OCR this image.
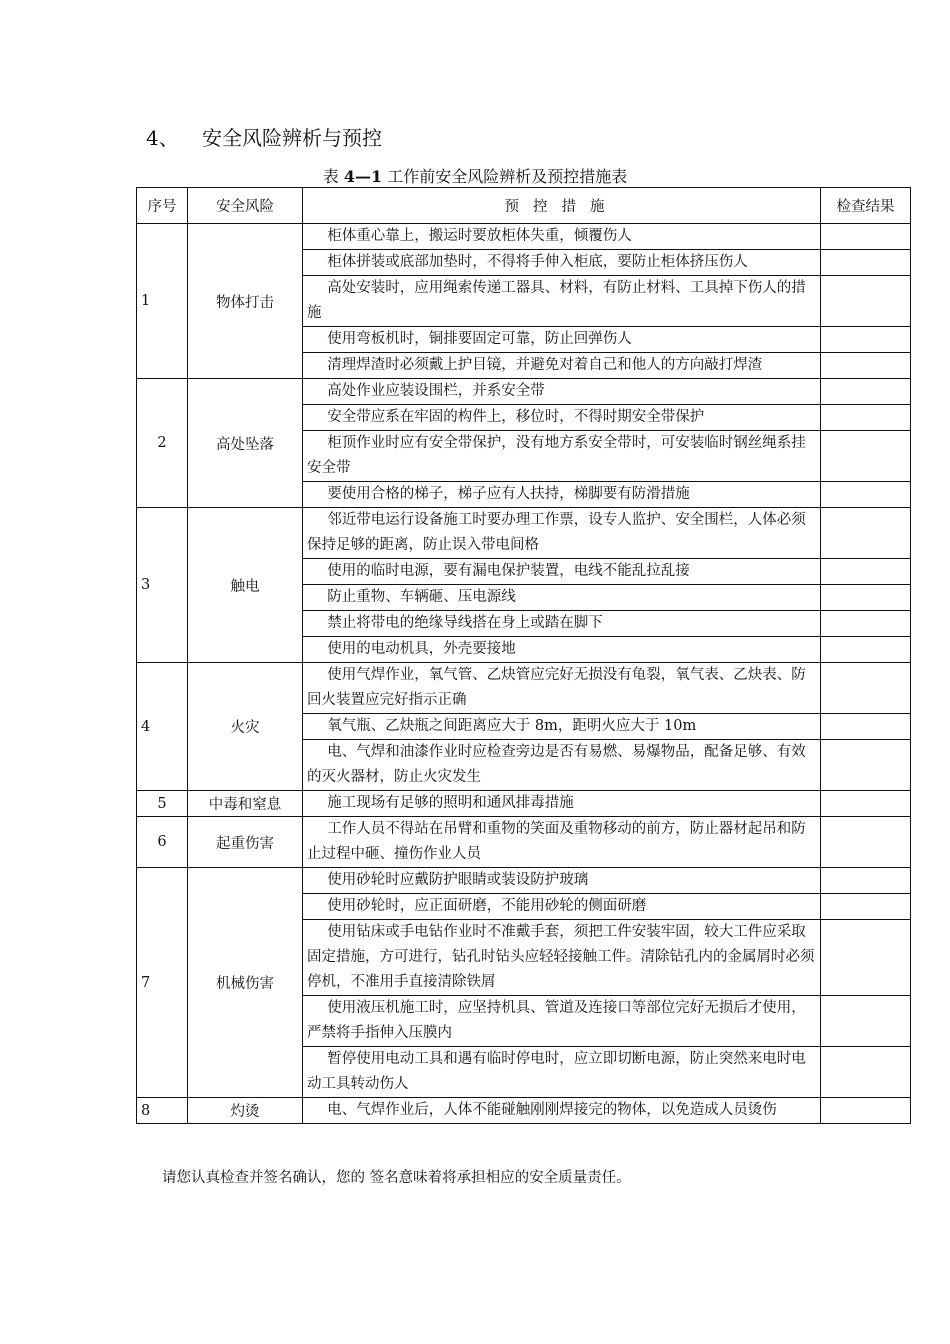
4、 安全风险辨析与预控
表 4—1 工作前安全风险辨析及预控措施表
序号	安全风险	预控措施	检查结果
1	物体打击	柜体重心靠上，搬运时要放柜体失重，倾覆伤人	
		柜体拼装或底部加垫时，不得将手伸入柜底，要防止柜体挤压伤人	
		高处安装时，应用绳索传递工器具、材料，有防止材料、工具掉下伤人的措施	
		使用弯板机时，铜排要固定可靠，防止回弹伤人	
		清理焊渣时必须戴上护目镜，并避免对着自己和他人的方向敲打焊渣	
2	高处坠落	高处作业应装设围栏，并系安全带	
		安全带应系在牢固的构件上，移位时，不得时期安全带保护	
		柜顶作业时应有安全带保护，没有地方系安全带时，可安装临时钢丝绳系挂安全带	
		要使用合格的梯子，梯子应有人扶持，梯脚要有防滑措施	
3	触电	邻近带电运行设备施工时要办理工作票，设专人监护、安全围栏，人体必须保持足够的距离，防止误入带电间格	
		使用的临时电源，要有漏电保护装置，电线不能乱拉乱接	
		防止重物、车辆砸、压电源线	
		禁止将带电的绝缘导线搭在身上或踏在脚下	
		使用的电动机具，外壳要接地	
4	火灾	使用气焊作业，氧气管、乙炔管应完好无损没有龟裂，氧气表、乙炔表、防回火装置应完好指示正确	
		氧气瓶、乙炔瓶之间距离应大于 8m，距明火应大于 10m	
		电、气焊和油漆作业时应检查旁边是否有易燃、易爆物品，配备足够、有效的灭火器材，防止火灾发生	
5	中毒和窒息	施工现场有足够的照明和通风排毒措施	
6	起重伤害	工作人员不得站在吊臂和重物的笑面及重物移动的前方，防止器材起吊和防止过程中砸、撞伤作业人员	
7	机械伤害	使用砂轮时应戴防护眼睛或装设防护玻璃	
		使用砂轮时，应正面研磨，不能用砂轮的侧面研磨	
		使用钻床或手电钻作业时不准戴手套，须把工件安装牢固，较大工件应采取固定措施，方可进行，钻孔时钻头应轻轻接触工件。清除钻孔内的金属屑时必须停机，不准用手直接清除铁屑	
		使用液压机施工时，应坚持机具、管道及连接口等部位完好无损后才使用，严禁将手指伸入压膜内	
		暂停使用电动工具和遇有临时停电时，应立即切断电源，防止突然来电时电动工具转动伤人	
8	灼烫	电、气焊作业后，人体不能碰触刚刚焊接完的物体，以免造成人员烫伤	
请您认真检查并签名确认，您的 签名意味着将承担相应的安全质量责任。
